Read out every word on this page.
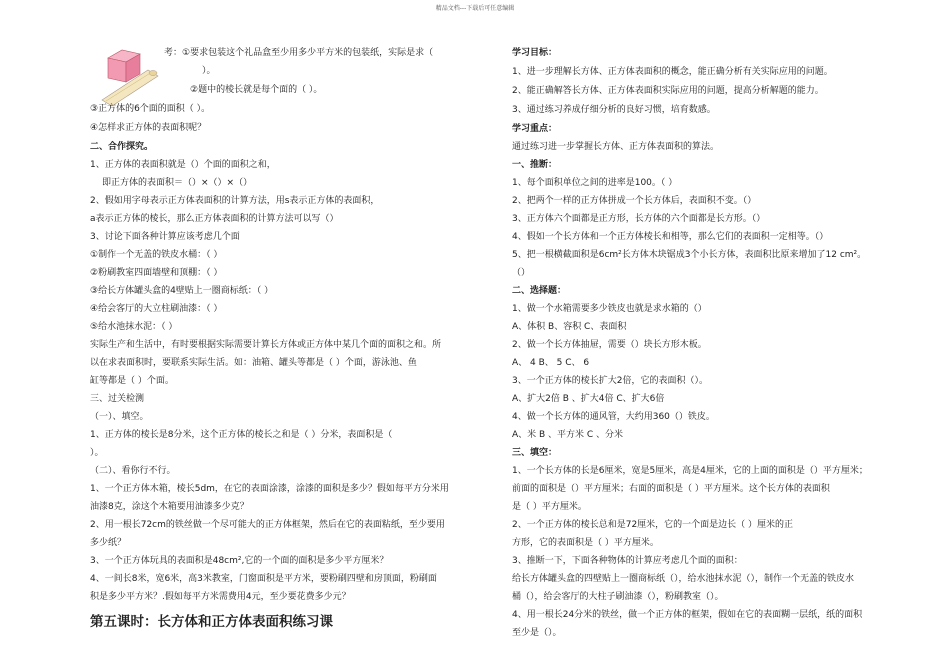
精品文档---下载后可任意编辑
考：①要求包装这个礼品盒至少用多少平方米的包装纸，实际是求（
）。
②题中的棱长就是每个面的（ ）。
③正方体的6个面的面积（ ）。
④怎样求正方体的表面积呢？
二、合作探究。
1、正方体的表面积就是（）个面的面积之和，
即正方体的表面积＝（）×（）×（）
2、假如用字母表示正方体表面积的计算方法，用s表示正方体的表面积，
a表示正方体的棱长，那么正方体表面积的计算方法可以写（）
3、讨论下面各种计算应该考虑几个面
①制作一个无盖的铁皮水桶：（ ）
②粉刷教室四面墙壁和顶棚：（ ）
③给长方体罐头盒的4壁贴上一圈商标纸：（ ）
④给会客厅的大立柱刷油漆：（ ）
⑤给水池抹水泥：（ ）
实际生产和生活中，有时要根据实际需要计算长方体或正方体中某几个面的面积之和。所
以在求表面积时，要联系实际生活。如：油箱、罐头等都是（ ）个面，游泳池、鱼
缸等都是（ ）个面。
三、过关检测
（一）、填空。
1、正方体的棱长是8分米，这个正方体的棱长之和是（ ）分米，表面积是（
）。
（二）、看你行不行。
1、一个正方体木箱，棱长5dm，在它的表面涂漆，涂漆的面积是多少？假如每平方分米用
油漆8克，涂这个木箱要用油漆多少克？
2、用一根长72cm的铁丝做一个尽可能大的正方体框架，然后在它的表面粘纸，至少要用
多少纸？
3、一个正方体玩具的表面积是48cm²,它的一个面的面积是多少平方厘米？
4、一间长8米，宽6米，高3米教室，门窗面积是平方米，要粉刷四壁和房顶面，粉刷面
积是多少平方米？.假如每平方米需费用4元，至少要花费多少元？
第五课时：长方体和正方体表面积练习课
学习目标：
1、进一步理解长方体、正方体表面积的概念，能正确分析有关实际应用的问题。
2、能正确解答长方体、正方体表面积实际应用的问题，提高分析解题的能力。
3、通过练习养成仔细分析的良好习惯，培育数感。
学习重点：
通过练习进一步掌握长方体、正方体表面积的算法。
一、推断：
1、每个面积单位之间的进率是100。（ ）
2、把两个一样的正方体拼成一个长方体后，表面积不变。（）
3、正方体六个面都是正方形，长方体的六个面都是长方形。（）
4、假如一个长方体和一个正方体棱长和相等，那么它们的表面积一定相等。（）
5、把一根横截面积是6cm²长方体木块锯成3个小长方体，表面积比原来增加了12 cm²。
（）
二、选择题：
1、做一个水箱需要多少铁皮也就是求水箱的（）
A、体积 B、容积 C、表面积
2、做一个长方体抽屉，需要（）块长方形木板。
A、 4 B、 5 C、 6
3、一个正方体的棱长扩大2倍，它的表面积（）。
A、扩大2倍 B 、扩大4倍 C、扩大6倍
4、做一个长方体的通风管，大约用360（）铁皮。
A、米 B 、平方米 C 、分米
三、填空：
1、一个长方体的长是6厘米，宽是5厘米，高是4厘米，它的上面的面积是（）平方厘米；
前面的面积是（）平方厘米；右面的面积是（ ）平方厘米。这个长方体的表面积
是（ ）平方厘米。
2、一个正方体的棱长总和是72厘米，它的一个面是边长（ ）厘米的正
方形，它的表面积是（ ）平方厘米。
3、推断一下，下面各种物体的计算应考虑几个面的面积：
给长方体罐头盒的四壁贴上一圈商标纸（），给水池抹水泥（），制作一个无盖的铁皮水
桶（），给会客厅的大柱子刷油漆（），粉刷教室（）。
4、用一根长24分米的铁丝，做一个正方体的框架，假如在它的表面糊一层纸，纸的面积
至少是（）。
